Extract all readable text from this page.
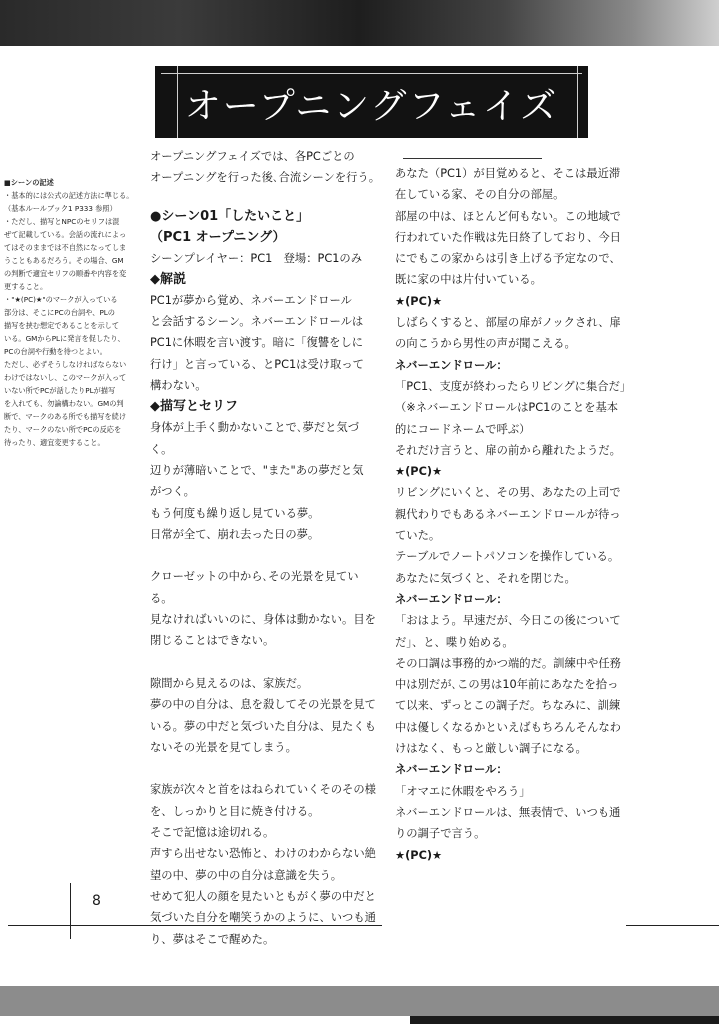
オープニングフェイズ

■シーンの記述

・基本的には公式の記述方法に準じる。

（基本ルールブック1 P333 参照）

・ただし、描写とNPCのセリフは混

ぜて記載している。会話の流れによっ

てはそのままでは不自然になってしま

うこともあるだろう。その場合、GM

の判断で適宜セリフの順番や内容を変

更すること。

・"★(PC)★"のマークが入っている

部分は、そこにPCの台詞や、PLの

描写を挟む想定であることを示して

いる。GMからPLに発言を促したり、

PCの台詞や行動を待つとよい。

ただし、必ずそうしなければならない

わけではないし、このマークが入って

いない所でPCが話したりPLが描写

を入れても、勿論構わない。GMの判

断で、マークのある所でも描写を続け

たり、マークのない所でPCの反応を

待ったり、適宜変更すること。

オープニングフェイズでは、各PCごとの

オープニングを行った後､合流シーンを行う。

●シーン01「したいこと」

（PC1 オープニング）

シーンプレイヤー：PC1　登場：PC1のみ

◆解説

PC1が夢から覚め、ネバーエンドロール

と会話するシーン。ネバーエンドロールは

PC1に休暇を言い渡す。暗に「復讐をしに

行け」と言っている、とPC1は受け取って

構わない。

◆描写とセリフ

身体が上手く動かないことで､夢だと気づく。

辺りが薄暗いことで、"また"あの夢だと気

がつく。

もう何度も繰り返し見ている夢。

日常が全て、崩れ去った日の夢。

クローゼットの中から､その光景を見ている。

見なければいいのに、身体は動かない。目を

閉じることはできない。

隙間から見えるのは、家族だ。

夢の中の自分は、息を殺してその光景を見て

いる。夢の中だと気づいた自分は、見たくも

ないその光景を見てしまう。

家族が次々と首をはねられていくそのその様

を、しっかりと目に焼き付ける。

そこで記憶は途切れる。

声すら出せない恐怖と、わけのわからない絶

望の中、夢の中の自分は意識を失う。

せめて犯人の顔を見たいともがく夢の中だと

気づいた自分を嘲笑うかのように、いつも通

り、夢はそこで醒めた。

あなた（PC1）が目覚めると、そこは最近滞

在している家、その自分の部屋。

部屋の中は、ほとんど何もない。この地域で

行われていた作戦は先日終了しており、今日

にでもこの家からは引き上げる予定なので、

既に家の中は片付いている。

★(PC)★

しばらくすると、部屋の扉がノックされ、扉

の向こうから男性の声が聞こえる。

ネバーエンドロール：

「PC1、支度が終わったらリビングに集合だ」

（※ネバーエンドロールはPC1のことを基本

的にコードネームで呼ぶ）

それだけ言うと、扉の前から離れたようだ。

★(PC)★

リビングにいくと、その男、あなたの上司で

親代わりでもあるネバーエンドロールが待っ

ていた。

テーブルでノートパソコンを操作している。

あなたに気づくと、それを閉じた。

ネバーエンドロール：

「おはよう。早速だが、今日この後について

だ」、と、喋り始める。

その口調は事務的かつ端的だ。訓練中や任務

中は別だが､この男は10年前にあなたを拾っ

て以来、ずっとこの調子だ。ちなみに、訓練

中は優しくなるかといえばもちろんそんなわ

けはなく、もっと厳しい調子になる。

ネバーエンドロール：

「オマエに休暇をやろう」

ネバーエンドロールは、無表情で、いつも通

りの調子で言う。

★(PC)★

8
